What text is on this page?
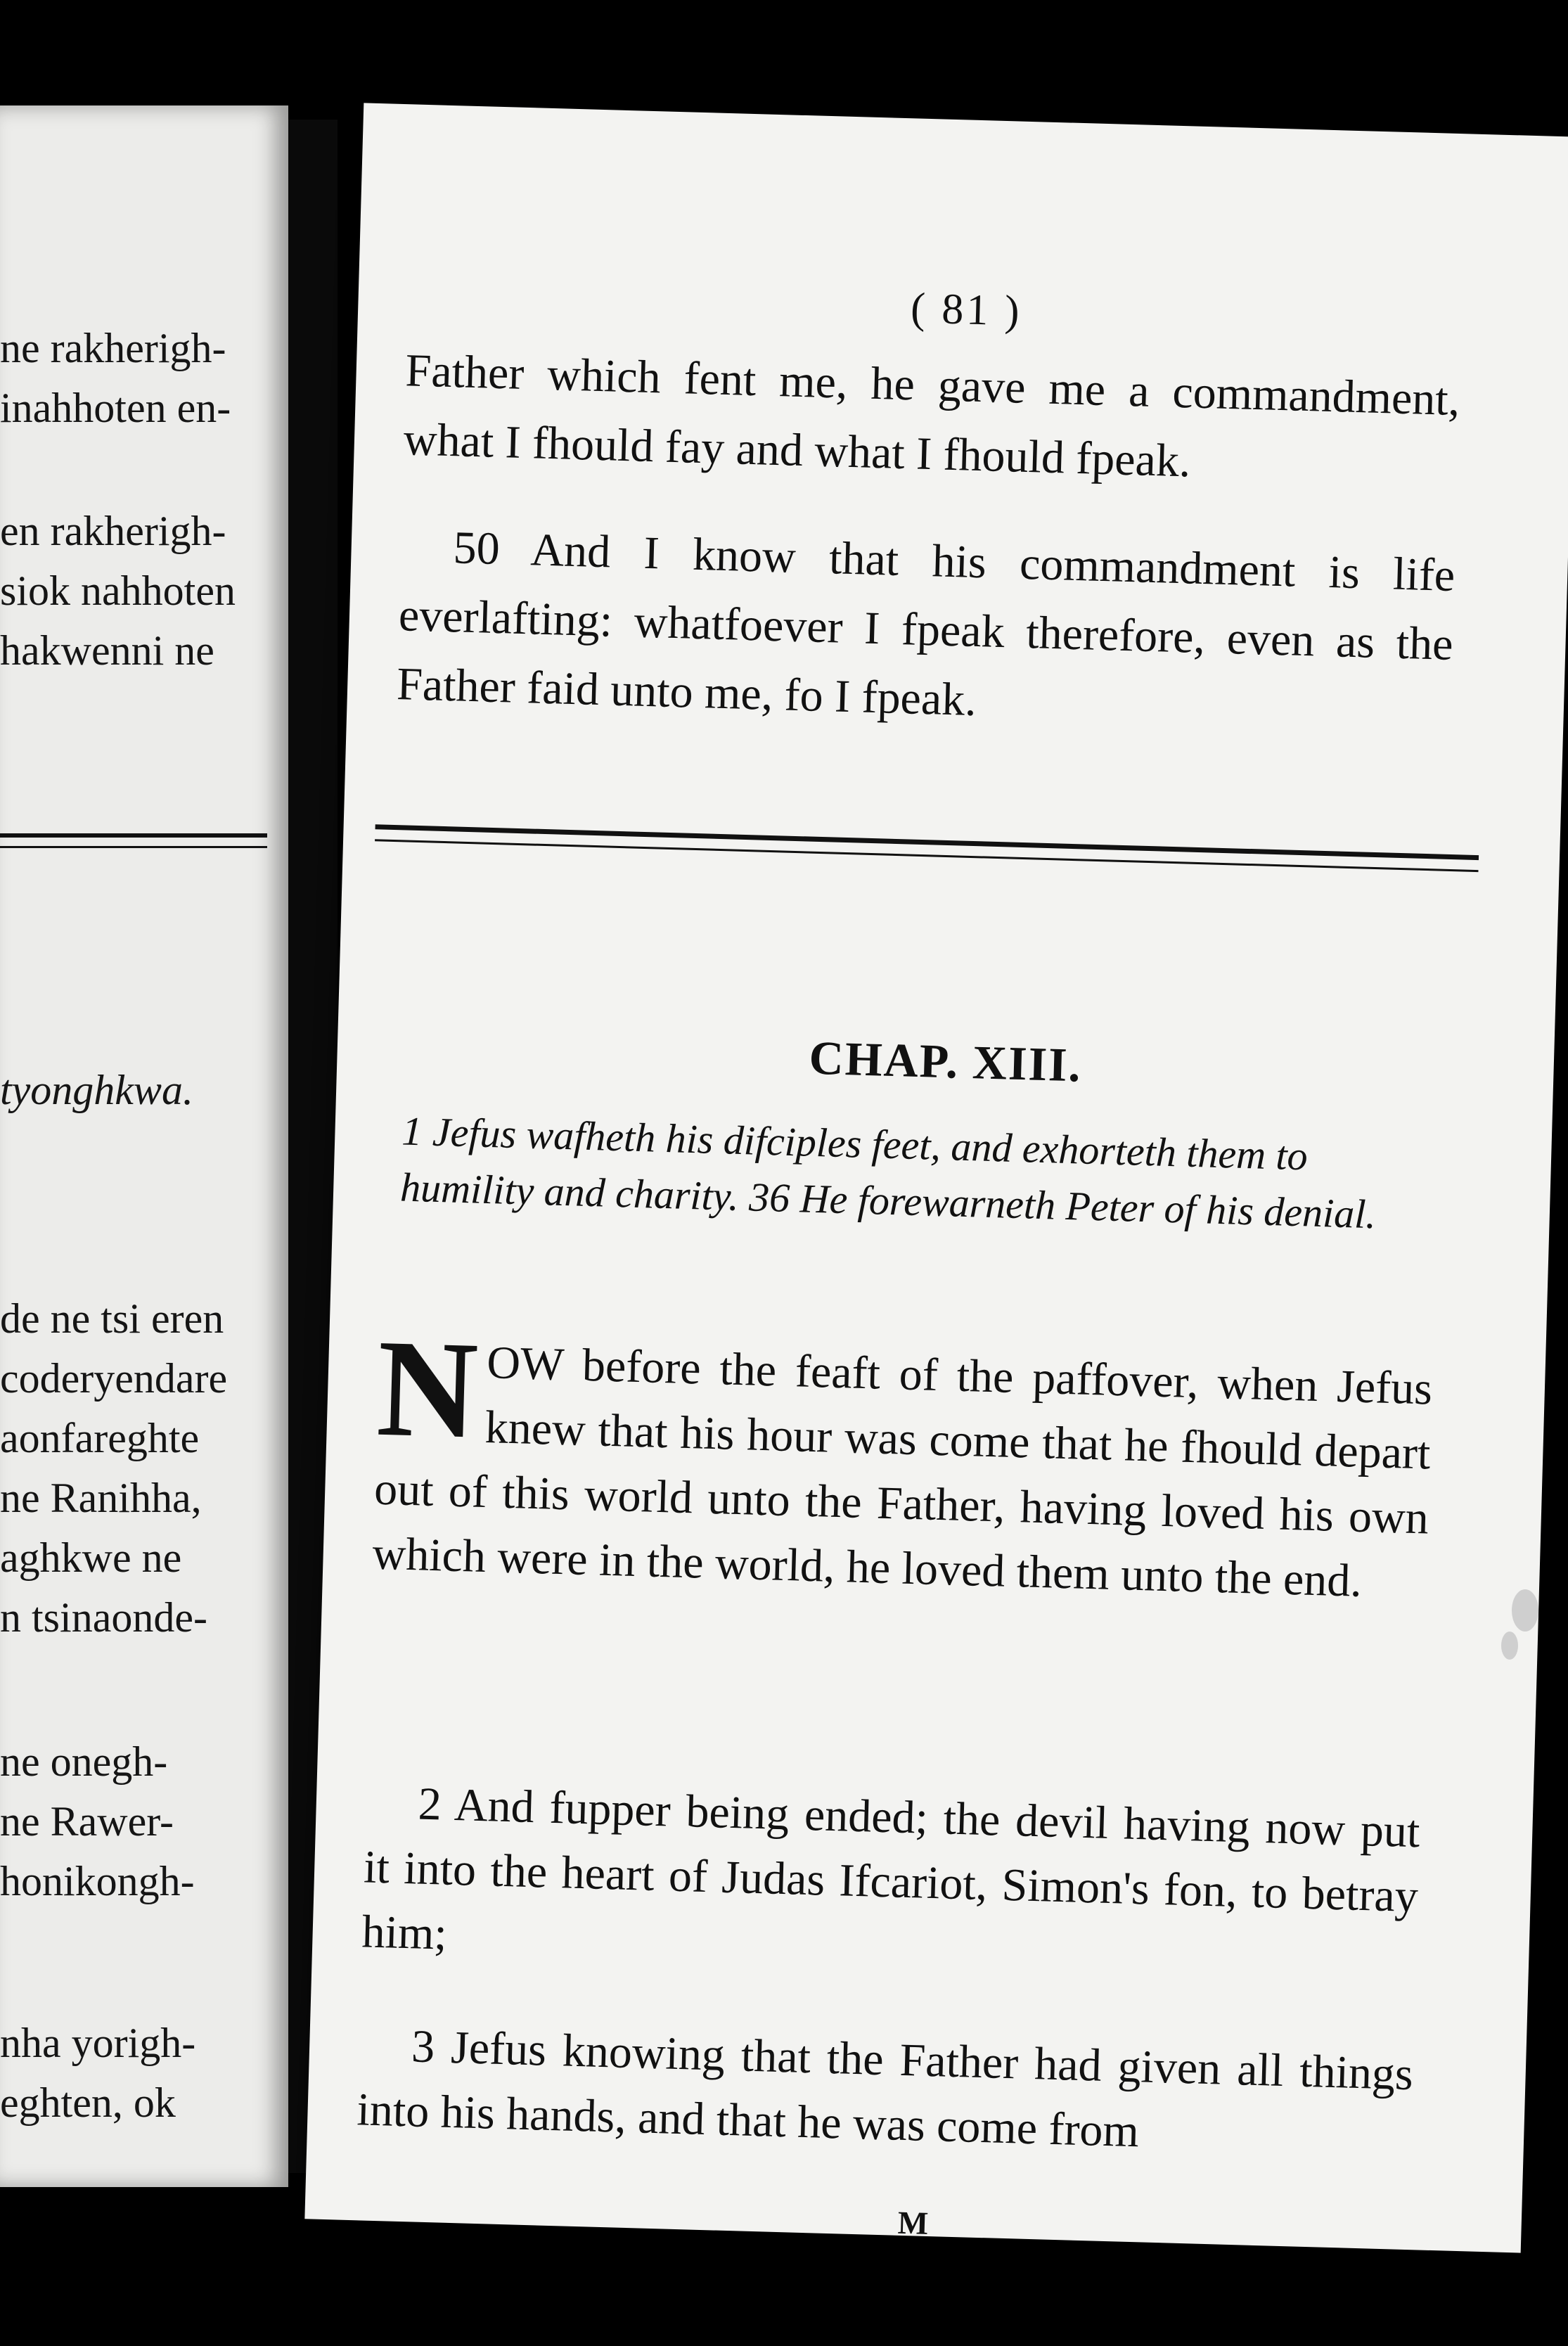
ne rakherigh-
inahhoten en-
en rakherigh-
siok nahhoten
hakwenni ne
tyonghkwa.
de ne tsi eren
coderyendare
aonfareghte
ne Ranihha,
aghkwe ne
n tsinaonde-
ne onegh-
ne Rawer-
honikongh-
nha yorigh-
eghten, ok
( 81 )

Father which fent me, he gave me a commandment, what I fhould fay and what I fhould fpeak.

50 And I know that his commandment is life everlafting: whatfoever I fpeak therefore, even as the Father faid unto me, fo I fpeak.

CHAP. XIII.
1 Jefus wafheth his difciples feet, and exhorteth them to humility and charity. 36 He forewarneth Peter of his denial.
N OW before the feaft of the paffover, when Jefus knew that his hour was come that he fhould depart out of this world unto the Father, having loved his own which were in the world, he loved them unto the end.

2 And fupper being ended; the devil having now put it into the heart of Judas Ifcariot, Simon's fon, to betray him;

3 Jefus knowing that the Father had given all things into his hands, and that he was come from

M
